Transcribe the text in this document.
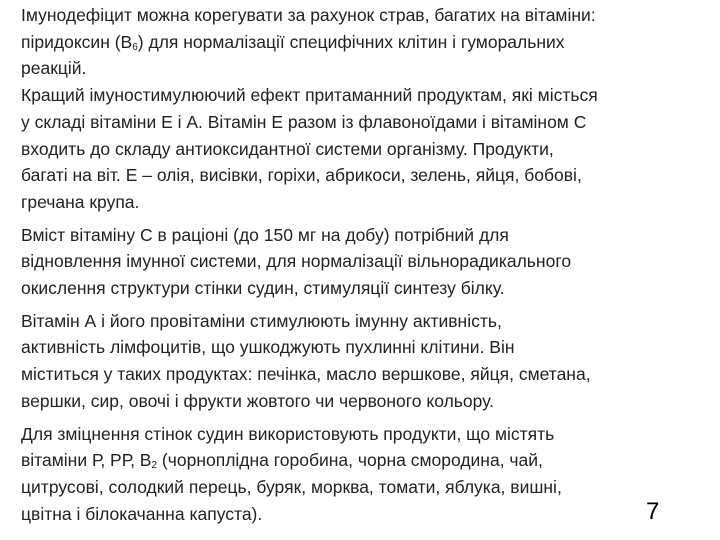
Імунодефіцит можна корегувати за рахунок страв, багатих на вітаміни:
піридоксин $(В_6)$ для нормалізації специфічних клітин і гуморальних
реакцій.
Кращий імуностимулюючий ефект притаманний продуктам, які містьcя
у складі вітаміни Е і А. Вітамін Е разом із флавоноїдами і вітаміном С
входить до складу антиоксидантної системи організму. Продукти,
багаті на віт. Е – олія, висівки, горіхи, абрикоси, зелень, яйця, бобові,
гречана крупа.
Вміст вітаміну С в раціоні (до 150 мг на добу) потрібний для
відновлення імунної системи, для нормалізації вільнорадикального
окислення структури стінки судин, стимуляції синтезу білку.
Вітамін А і його провітаміни стимулюють імунну активність,
активність лімфоцитів, що ушкоджують пухлинні клітини. Він
міститься у таких продуктах: печінка, масло вершкове, яйця, сметана,
вершки, сир, овочі і фрукти жовтого чи червоного кольору.
Для зміцнення стінок судин використовують продукти, що містять
вітаміни Р, РР, $В_2$ (чорноплідна горобина, чорна смородина, чай,
цитрусові, солодкий перець, буряк, морква, томати, яблука, вишні,
цвітна і білокачанна капуста).	7
